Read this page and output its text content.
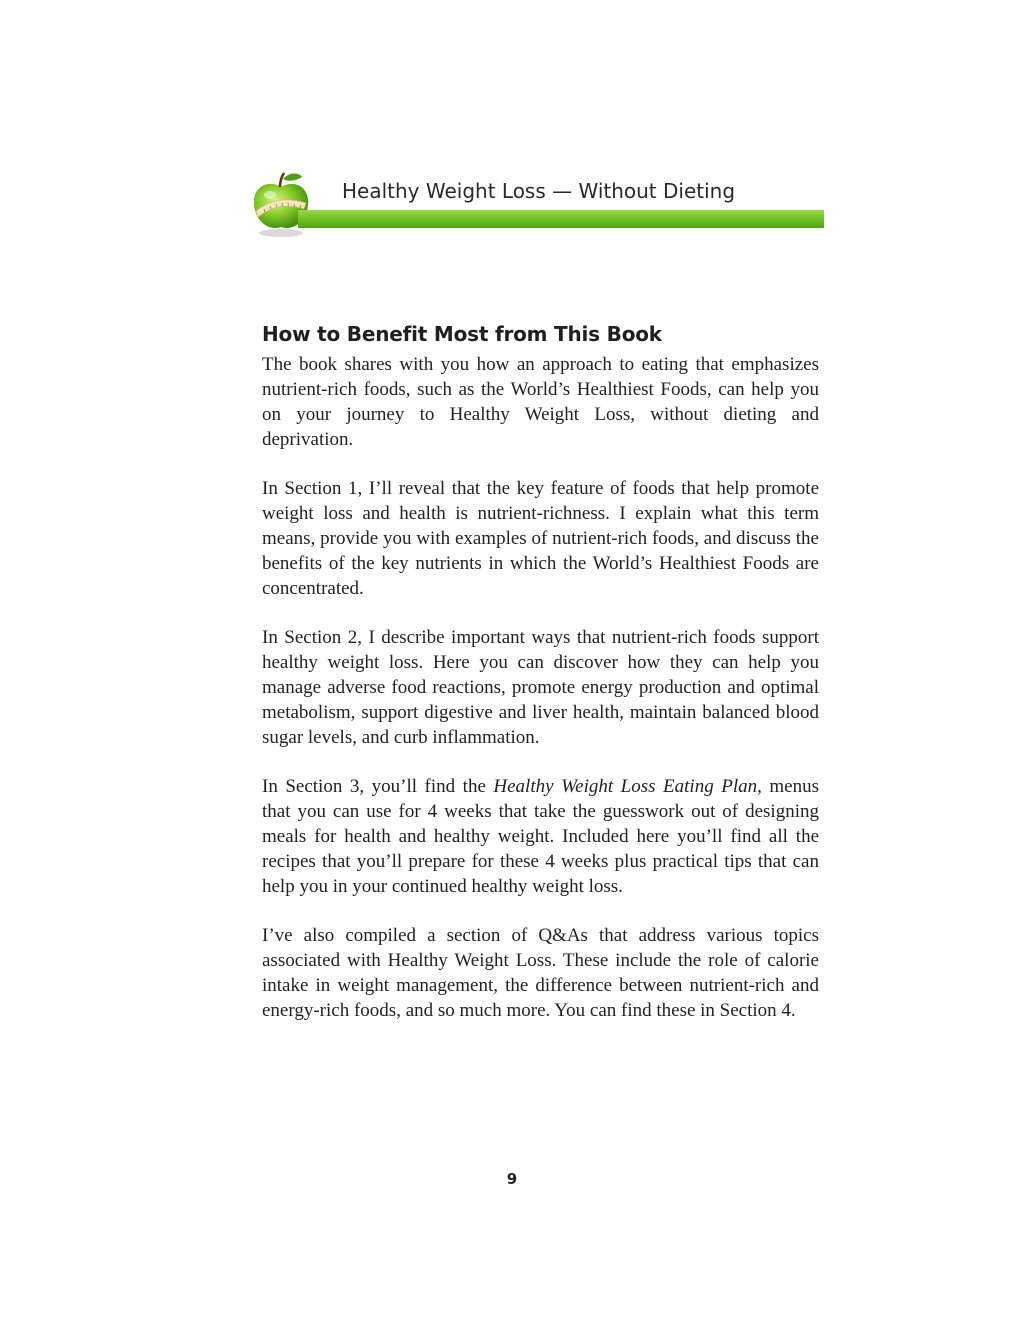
Healthy Weight Loss — Without Dieting
How to Benefit Most from This Book

The book shares with you how an approach to eating that emphasizes nutrient-rich foods, such as the World’s Healthiest Foods, can help you on your journey to Healthy Weight Loss, without dieting and deprivation.

In Section 1, I’ll reveal that the key feature of foods that help promote weight loss and health is nutrient-richness. I explain what this term means, provide you with examples of nutrient-rich foods, and discuss the benefits of the key nutrients in which the World’s Healthiest Foods are concentrated.

In Section 2, I describe important ways that nutrient-rich foods support healthy weight loss. Here you can discover how they can help you manage adverse food reactions, promote energy production and optimal metabolism, support digestive and liver health, maintain balanced blood sugar levels, and curb inflammation.

In Section 3, you’ll find the Healthy Weight Loss Eating Plan, menus that you can use for 4 weeks that take the guesswork out of designing meals for health and healthy weight. Included here you’ll find all the recipes that you’ll prepare for these 4 weeks plus practical tips that can help you in your continued healthy weight loss.

I’ve also compiled a section of Q&As that address various topics associated with Healthy Weight Loss. These include the role of calorie intake in weight management, the difference between nutrient-rich and energy-rich foods, and so much more. You can find these in Section 4.

9
